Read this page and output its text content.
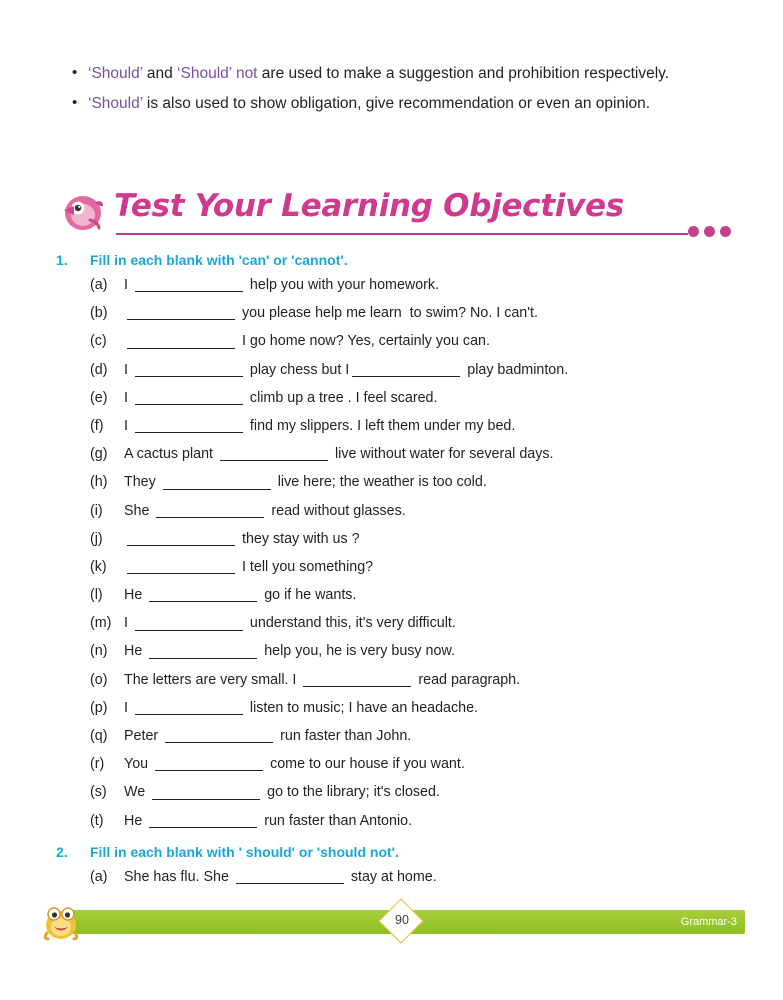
• ‘Should’ and ‘Should’ not are used to make a suggestion and prohibition respectively.
• ‘Should’ is also used to show obligation, give recommendation or even an opinion.
Test Your Learning Objectives
1.	Fill in each blank with 'can' or 'cannot'.
(a)	I	help you with your homework.
(b)	you please help me learn  to swim? No. I can't.
(c)	I go home now? Yes, certainly you can.
(d)	I	play chess but I	play badminton.
(e)	I	climb up a tree . I feel scared.
(f)	I	find my slippers. I left them under my bed.
(g)	A cactus plant	live without water for several days.
(h)	They	live here; the weather is too cold.
(i)	She	read without glasses.
(j)	they stay with us ?
(k)	I tell you something?
(l)	He	go if he wants.
(m) I	understand this, it's very difficult.
(n)	He	help you, he is very busy now.
(o)	The letters are very small. I	read paragraph.
(p)	I	listen to music; I have an headache.
(q)	Peter	run faster than John.
(r)	You	come to our house if you want.
(s)	We	go to the library; it's closed.
(t)	He	run faster than Antonio.
2.	Fill in each blank with ' should' or 'should not'.
(a)	She has flu. She	stay at home.
90	Grammar-3
